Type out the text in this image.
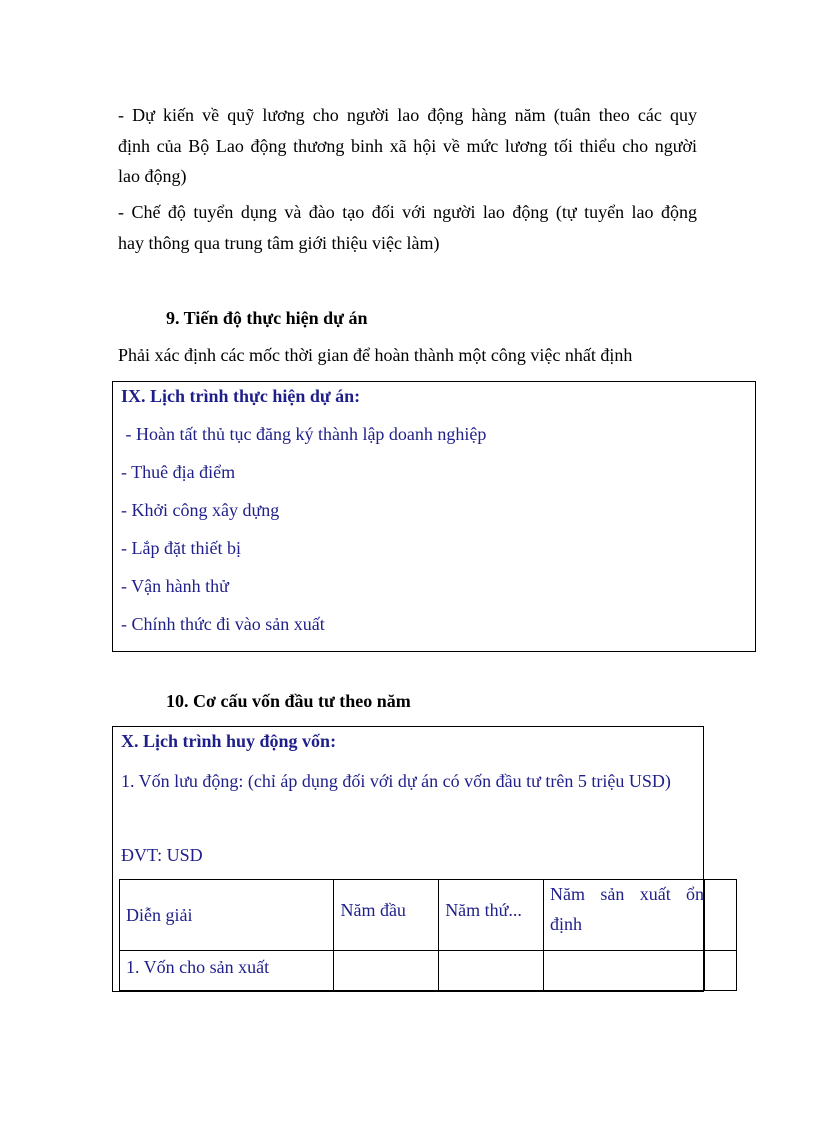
- Dự kiến về quỹ lương cho người lao động hàng năm (tuân theo các quy
định của Bộ Lao động thương binh xã hội về mức lương tối thiểu cho người
lao động)
- Chế độ tuyển dụng và đào tạo đối với người lao động (tự tuyển lao động
hay thông qua trung tâm giới thiệu việc làm)
9. Tiến độ thực hiện dự án
Phải xác định các mốc thời gian để hoàn thành một công việc nhất định
IX. Lịch trình thực hiện dự án:
- Hoàn tất thủ tục đăng ký thành lập doanh nghiệp
- Thuê địa điểm
- Khởi công xây dựng
- Lắp đặt thiết bị
- Vận hành thử
- Chính thức đi vào sản xuất
10. Cơ cấu vốn đầu tư theo năm
X. Lịch trình huy động vốn:
1. Vốn lưu động: (chỉ áp dụng đối với dự án có vốn đầu tư trên 5 triệu USD)
ĐVT: USD
Diễn giải	Năm đầu	Năm thứ...	Năm sản xuất ổn
định	

1. Vốn cho sản xuất				
